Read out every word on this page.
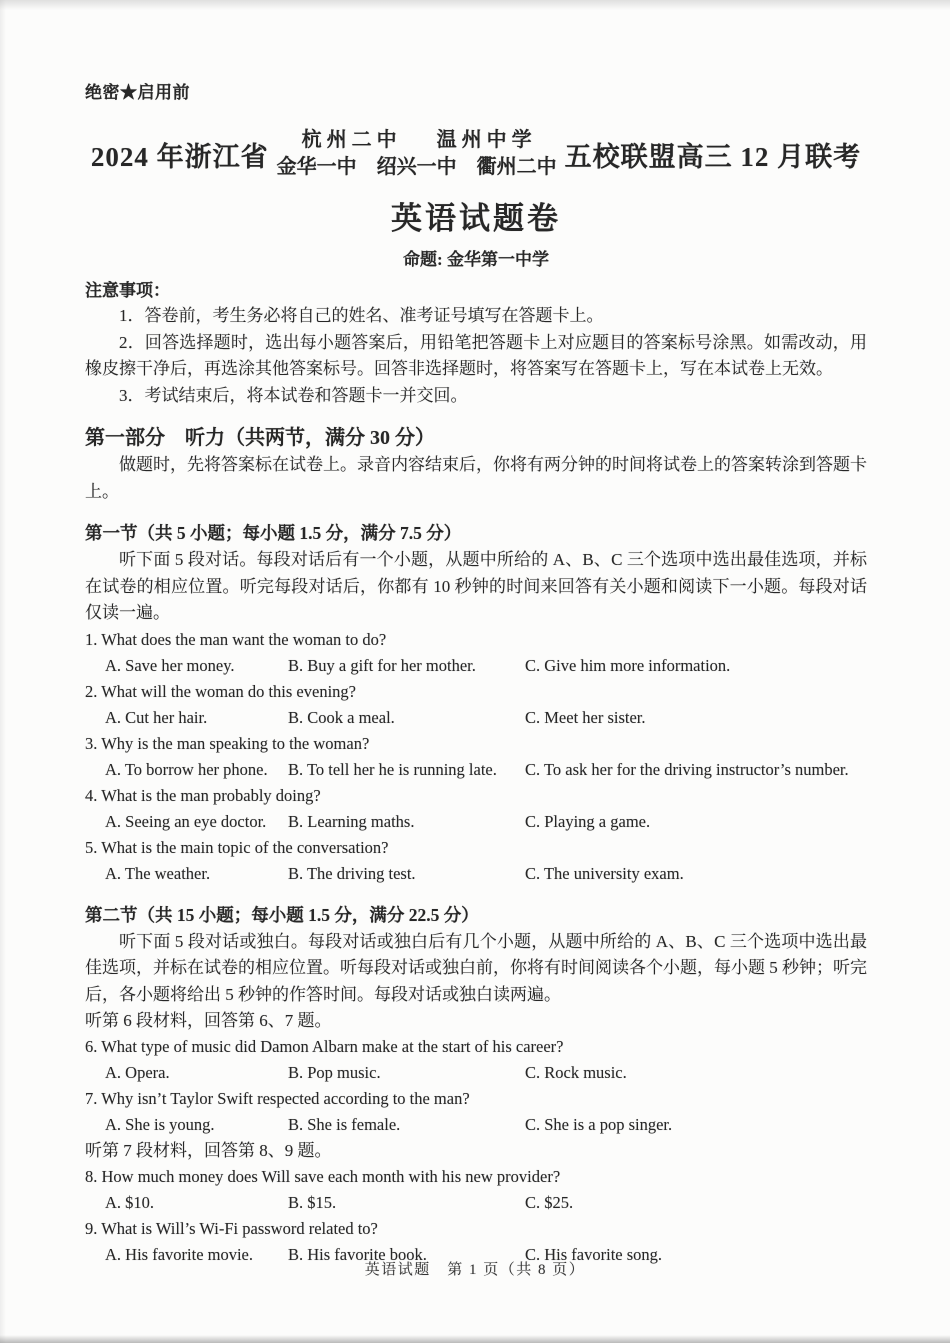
绝密★启用前
2024 年浙江省
杭 州 二 中　　温 州 中 学
金华一中　绍兴一中　衢州二中 五校联盟高三 12 月联考
英语试题卷
命题: 金华第一中学
注意事项：

1．答卷前，考生务必将自己的姓名、准考证号填写在答题卡上。

2．回答选择题时，选出每小题答案后，用铅笔把答题卡上对应题目的答案标号涂黑。如需改动，用橡皮擦干净后，再选涂其他答案标号。回答非选择题时，将答案写在答题卡上，写在本试卷上无效。

3．考试结束后，将本试卷和答题卡一并交回。

第一部分　听力（共两节，满分 30 分）

做题时，先将答案标在试卷上。录音内容结束后，你将有两分钟的时间将试卷上的答案转涂到答题卡上。

第一节（共 5 小题；每小题 1.5 分，满分 7.5 分）

听下面 5 段对话。每段对话后有一个小题，从题中所给的 A、B、C 三个选项中选出最佳选项，并标在试卷的相应位置。听完每段对话后，你都有 10 秒钟的时间来回答有关小题和阅读下一小题。每段对话仅读一遍。

1. What does the man want the woman to do?
A. Save her money.	B. Buy a gift for her mother.	C. Give him more information.
2. What will the woman do this evening?
A. Cut her hair.	B. Cook a meal.	C. Meet her sister.
3. Why is the man speaking to the woman?
A. To borrow her phone.	B. To tell her he is running late.	C. To ask her for the driving instructor’s number.
4. What is the man probably doing?
A. Seeing an eye doctor.	B. Learning maths.	C. Playing a game.
5. What is the main topic of the conversation?
A. The weather.	B. The driving test.	C. The university exam.
第二节（共 15 小题；每小题 1.5 分，满分 22.5 分）

听下面 5 段对话或独白。每段对话或独白后有几个小题，从题中所给的 A、B、C 三个选项中选出最佳选项，并标在试卷的相应位置。听每段对话或独白前，你将有时间阅读各个小题，每小题 5 秒钟；听完后，各小题将给出 5 秒钟的作答时间。每段对话或独白读两遍。

听第 6 段材料，回答第 6、7 题。
6. What type of music did Damon Albarn make at the start of his career?
A. Opera.	B. Pop music.	C. Rock music.
7. Why isn’t Taylor Swift respected according to the man?
A. She is young.	B. She is female.	C. She is a pop singer.
听第 7 段材料，回答第 8、9 题。
8. How much money does Will save each month with his new provider?
A. $10.	B. $15.	C. $25.
9. What is Will’s Wi-Fi password related to?
A. His favorite movie.	B. His favorite book.	C. His favorite song.
英语试题　第 1 页（共 8 页）
